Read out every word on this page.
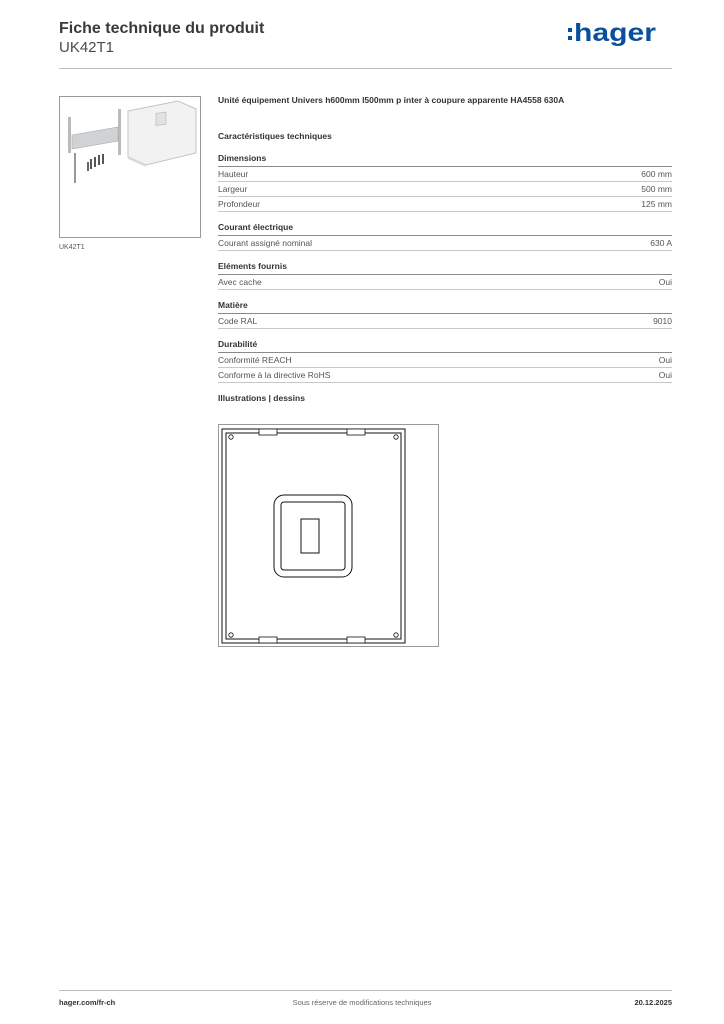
Fiche technique du produit
UK42T1
hager
UK42T1
Unité équipement Univers h600mm l500mm p inter à coupure apparente HA4558 630A
Caractéristiques techniques
Dimensions
Hauteur	600 mm
Largeur	500 mm
Profondeur	125 mm
Courant électrique
Courant assigné nominal	630 A
Eléments fournis
Avec cache	Oui
Matière
Code RAL	9010
Durabilité
Conformité REACH	Oui
Conforme à la directive RoHS	Oui
Illustrations | dessins
hager.com/fr-ch	Sous réserve de modifications techniques	20.12.2025
